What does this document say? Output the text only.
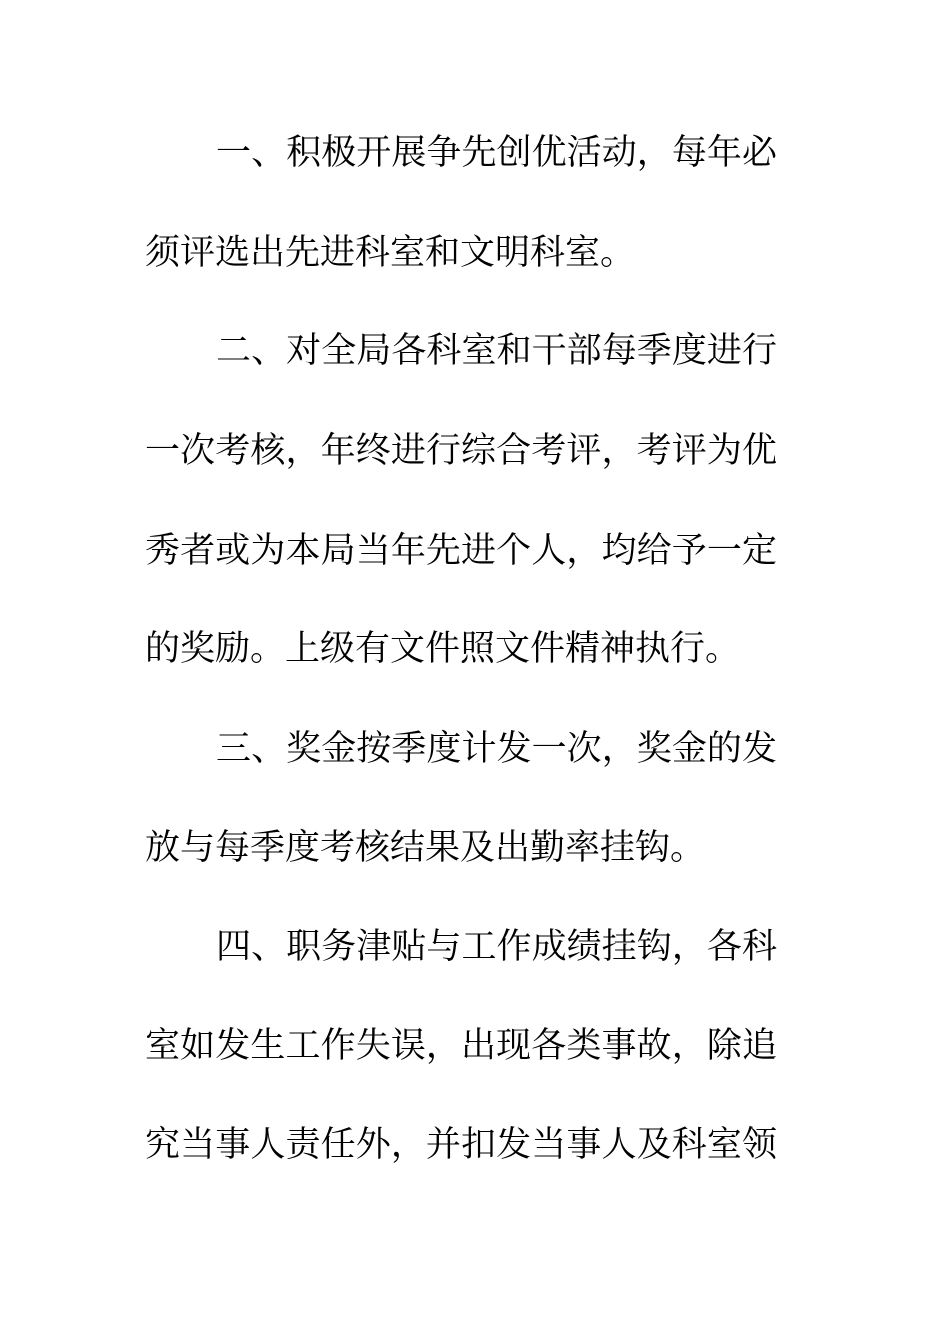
一、积极开展争先创优活动，每年必
须评选出先进科室和文明科室。
二、对全局各科室和干部每季度进行
一次考核，年终进行综合考评，考评为优
秀者或为本局当年先进个人，均给予一定
的奖励。上级有文件照文件精神执行。
三、奖金按季度计发一次，奖金的发
放与每季度考核结果及出勤率挂钩。
四、职务津贴与工作成绩挂钩，各科
室如发生工作失误，出现各类事故，除追
究当事人责任外，并扣发当事人及科室领
